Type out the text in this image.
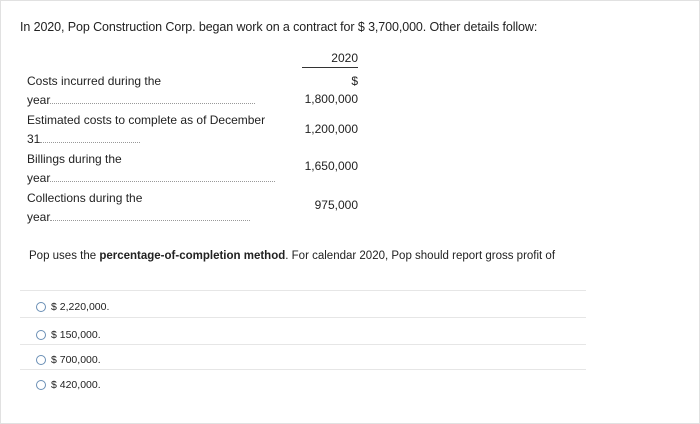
In 2020, Pop Construction Corp. began work on a contract for $ 3,700,000. Other details follow:
2020
Costs incurred during the
year
$
1,800,000
Estimated costs to complete as of December
31
1,200,000
Billings during the
year
1,650,000
Collections during the
year
975,000
Pop uses the percentage-of-completion method. For calendar 2020, Pop should report gross profit of
$ 2,220,000.
$ 150,000.
$ 700,000.
$ 420,000.
